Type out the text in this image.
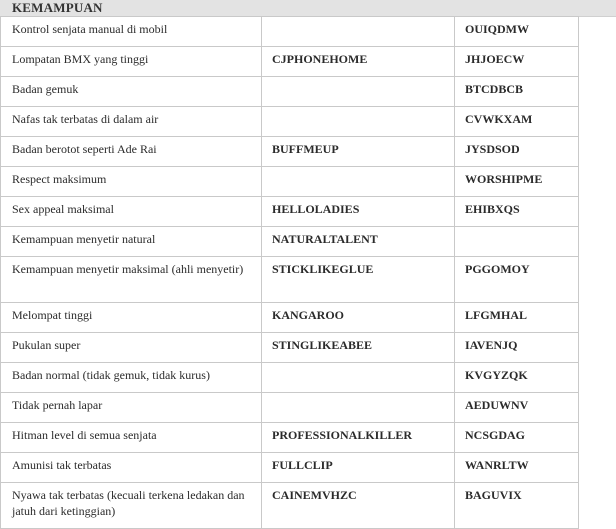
KEMAMPUAN
Kontrol senjata manual di mobil		OUIQDMW
Lompatan BMX yang tinggi	CJPHONEHOME	JHJOECW
Badan gemuk		BTCDBCB
Nafas tak terbatas di dalam air		CVWKXAM
Badan berotot seperti Ade Rai	BUFFMEUP	JYSDSOD
Respect maksimum		WORSHIPME
Sex appeal maksimal	HELLOLADIES	EHIBXQS
Kemampuan menyetir natural	NATURALTALENT	
Kemampuan menyetir maksimal (ahli menyetir)	STICKLIKEGLUE	PGGOMOY
Melompat tinggi	KANGAROO	LFGMHAL
Pukulan super	STINGLIKEABEE	IAVENJQ
Badan normal (tidak gemuk, tidak kurus)		KVGYZQK
Tidak pernah lapar		AEDUWNV
Hitman level di semua senjata	PROFESSIONALKILLER	NCSGDAG
Amunisi tak terbatas	FULLCLIP	WANRLTW
Nyawa tak terbatas (kecuali terkena ledakan dan jatuh dari ketinggian)	CAINEMVHZC	BAGUVIX
